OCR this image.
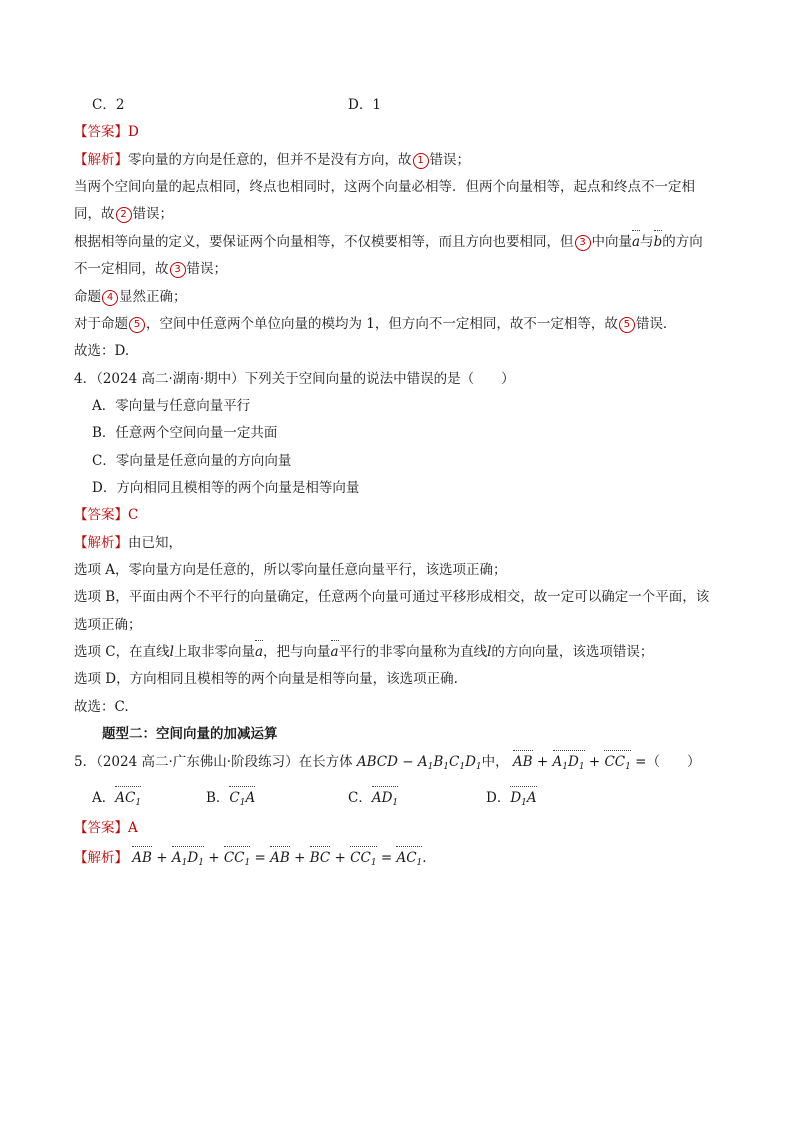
C．2	D．1
【答案】D
【解析】零向量的方向是任意的，但并不是没有方向，故 1 错误；
当两个空间向量的起点相同，终点也相同时，这两个向量必相等．但两个向量相等，起点和终点不一定相
同，故 2 错误；
根据相等向量的定义，要保证两个向量相等，不仅模要相等，而且方向也要相同，但 3 中向量a与b的方向
不一定相同，故 3 错误；
命题 4 显然正确；
对于命题 5 ，空间中任意两个单位向量的模均为 1，但方向不一定相同，故不一定相等，故 5 错误．
故选：D.
4．（2024 高二·湖南·期中）下列关于空间向量的说法中错误的是（　　）
A．零向量与任意向量平行
B．任意两个空间向量一定共面
C．零向量是任意向量的方向向量
D．方向相同且模相等的两个向量是相等向量
【答案】C
【解析】由已知，
选项 A，零向量方向是任意的，所以零向量任意向量平行，该选项正确；
选项 B，平面由两个不平行的向量确定，任意两个向量可通过平移形成相交，故一定可以确定一个平面，该
选项正确；
选项 C，在直线l上取非零向量a，把与向量a平行的非零向量称为直线l的方向向量，该选项错误；
选项 D，方向相同且模相等的两个向量是相等向量，该选项正确.
故选：C.
题型二：空间向量的加减运算
5．（2024 高二·广东佛山·阶段练习）在长方体 ABCD − $A_1B_1C_1D_1$中， AB + $A_1D_1 + CC_1$ =（　　）
A．$AC_1$	B．$C_1A$	C．$AD_1$	D．$D_1A$
【答案】A
【解析】 AB + $A_1D_1 + CC_1$ = AB + BC + $CC_1 = AC_1$.
